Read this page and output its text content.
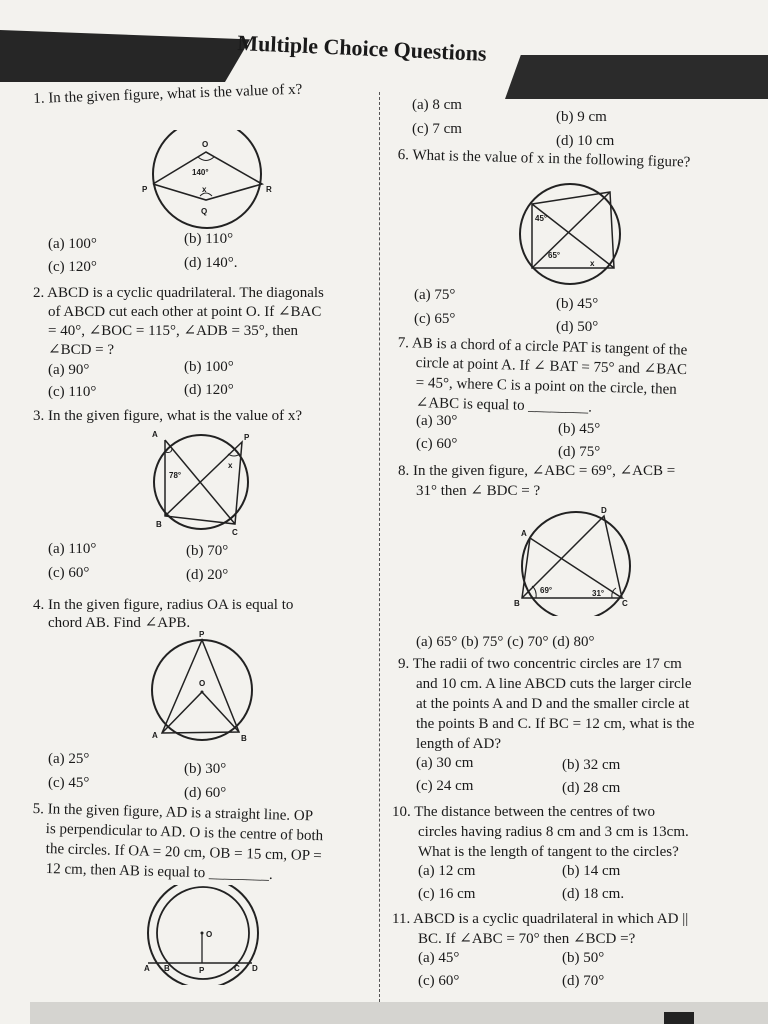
Multiple Choice Questions
1. In the given figure, what is the value of x?
O
P	R
Q
140°
x
(a) 100°	(b) 110°
(c) 120°	(d) 140°.
2. ABCD is a cyclic quadrilateral. The diagonals
of ABCD cut each other at point O. If ∠BAC
= 40°, ∠BOC = 115°, ∠ADB = 35°, then
∠BCD = ?
(a) 90°	(b) 100°
(c) 110°	(d) 120°
3. In the given figure, what is the value of x?
A	P
B
C
78°
x
(a) 110°	(b) 70°
(c) 60°	(d) 20°
4. In the given figure, radius OA is equal to
chord AB. Find ∠APB.
P
O
A	B
(a) 25°
(b) 30°
(c) 45°
(d) 60°
5. In the given figure, AD is a straight line. OP
is perpendicular to AD. O is the centre of both
the circles. If OA = 20 cm, OB = 15 cm, OP =
12 cm, then AB is equal to ________.
O
A B	P	C D
(a) 8 cm
(b) 9 cm
(c) 7 cm
(d) 10 cm
6. What is the value of x in the following figure?
45°
65°
x
(a) 75°
(b) 45°
(c) 65°	(d) 50°
7. AB is a chord of a circle PAT is tangent of the
circle at point A. If ∠ BAT = 75° and ∠BAC
= 45°, where C is a point on the circle, then
∠ABC is equal to ________.
(a) 30°	(b) 45°
(c) 60°	(d) 75°
8. In the given figure, ∠ABC = 69°, ∠ACB =
31° then ∠ BDC = ?
D
A
B	C
69°	31°
(a) 65° (b) 75° (c) 70° (d) 80°
9. The radii of two concentric circles are 17 cm
and 10 cm. A line ABCD cuts the larger circle
at the points A and D and the smaller circle at
the points B and C. If BC = 12 cm, what is the
length of AD?
(a) 30 cm	(b) 32 cm
(c) 24 cm	(d) 28 cm
10. The distance between the centres of two
circles having radius 8 cm and 3 cm is 13cm.
What is the length of tangent to the circles?
(a) 12 cm	(b) 14 cm
(c) 16 cm	(d) 18 cm.
11. ABCD is a cyclic quadrilateral in which AD ||
BC. If ∠ABC = 70° then ∠BCD =?
(a) 45°	(b) 50°
(c) 60°	(d) 70°
